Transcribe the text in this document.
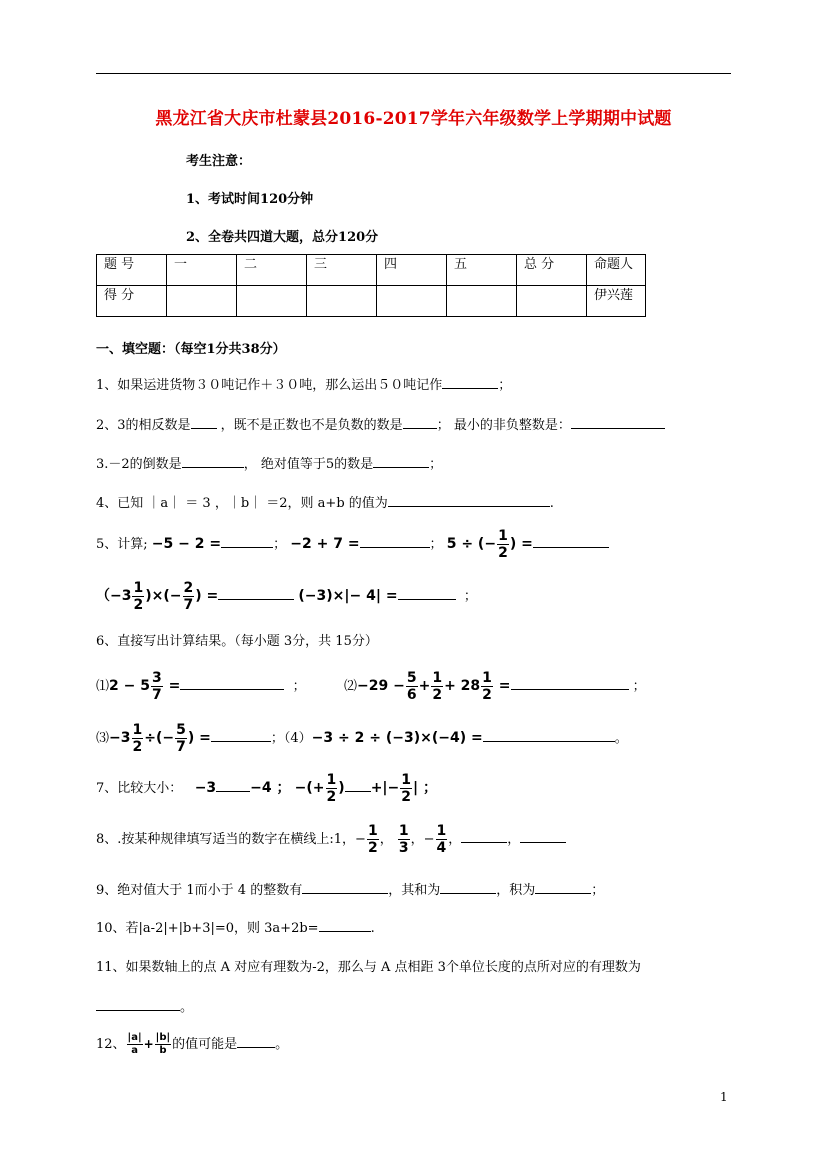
黑龙江省大庆市杜蒙县2016-2017学年六年级数学上学期期中试题
考生注意：
1、考试时间120分钟
2、全卷共四道大题，总分120分
题 号	一	二	三	四	五	总 分	命题人
得 分							伊兴莲
一、填空题：（每空1分共38分）
1、如果运进货物３０吨记作＋３０吨，那么运出５０吨记作	；
2、3的相反数是 ，既不是正数也不是负数的数是	； 最小的非负整数是：
3.－2的倒数是	， 绝对值等于5的数是	；
4、已知 ｜a｜ ＝ 3 ，｜b｜ ＝2，则 a+b 的值为	.
5、计算; −5 − 2 =	； −2 + 7 =	； 5 ÷ (− $\frac{1}{2}$ ) =
（$-3 \frac{1}{2}$ )×(− $\frac{2}{7}$ ) =	(−3)×|− 4| =	；
6、直接写出计算结果。（每小题 3分，共 15分）
⑴2 − $5 \frac{3}{7}$ =	；	⑵−29 − $\frac{5}{6} + \frac{1}{2} + 28 \frac{1}{2}$ =	；
⑶−3 $\frac{1}{2}$ ÷(− $\frac{5}{7}$ ) =	；（4）−3 ÷ 2 ÷ (−3)×(−4) =	。
7、比较大小： −3 −4 ； −(+ $\frac{1}{2}$ ) +|− $\frac{1}{2}$ | ；
8、.按某种规律填写适当的数字在横线上:1，− $\frac{1}{2}$ ， $\frac{1}{3}$ ，− $\frac{1}{4}$ ，	，
9、绝对值大于 1而小于 4 的整数有	，其和为	，积为	；
10、若|a-2|+|b+3|=0，则 3a+2b=	.
11、如果数轴上的点 A 对应有理数为-2，那么与 A 点相距 3个单位长度的点所对应的有理数为
。
12、 $\frac{|a|}{a} + \frac{|b|}{b}$ 的值可能是	。
1
